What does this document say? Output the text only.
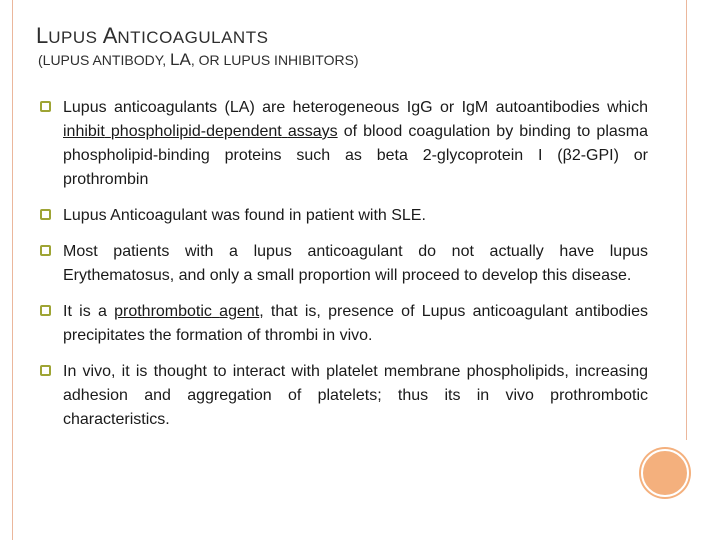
LUPUS ANTICOAGULANTS

(LUPUS ANTIBODY, LA, OR LUPUS INHIBITORS)

Lupus anticoagulants (LA) are heterogeneous IgG or IgM autoantibodies which inhibit phospholipid-dependent assays of blood coagulation by binding to plasma phospholipid-binding proteins such as beta 2-glycoprotein I (β2-GPI) or prothrombin
Lupus Anticoagulant was found in patient with SLE.
Most patients with a lupus anticoagulant do not actually have lupus Erythematosus, and only a small proportion will proceed to develop this disease.
It is a prothrombotic agent, that is, presence of Lupus anticoagulant antibodies precipitates the formation of thrombi in vivo.
In vivo, it is thought to interact with platelet membrane phospholipids, increasing adhesion and aggregation of platelets; thus its in vivo prothrombotic characteristics.
